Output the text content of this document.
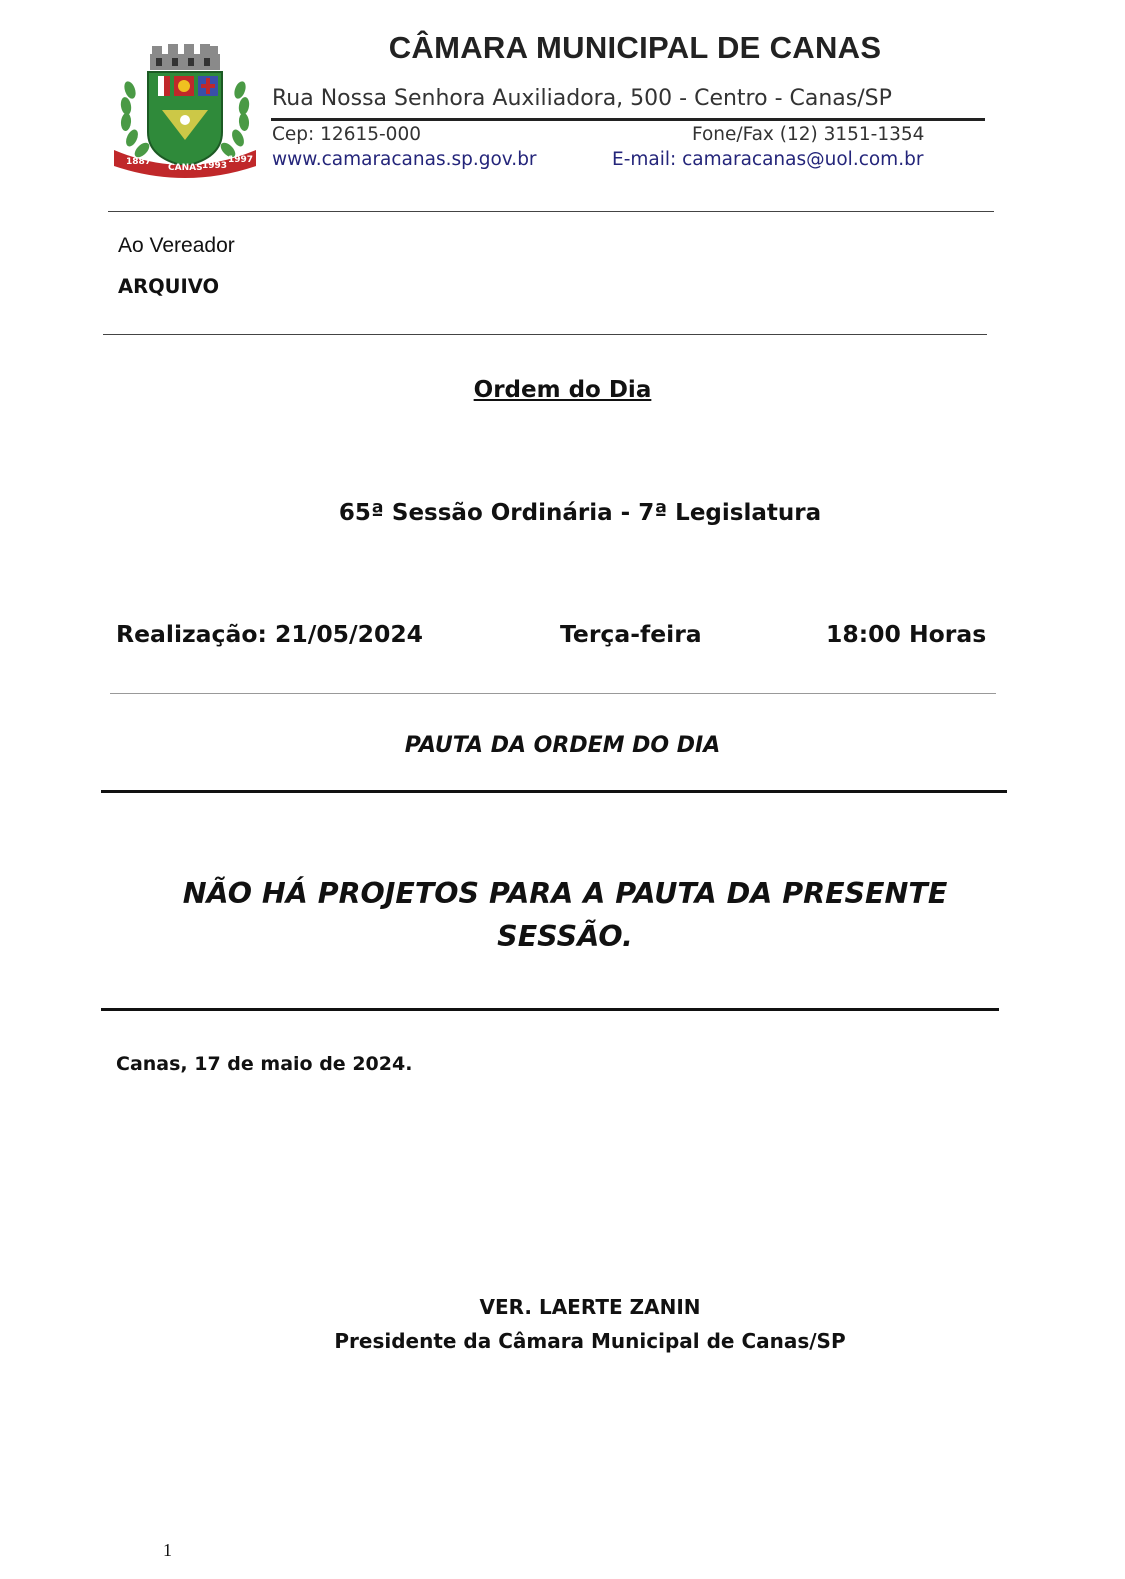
1887
CANAS 1993
1997
CÂMARA MUNICIPAL DE CANAS
Rua Nossa Senhora Auxiliadora, 500 - Centro - Canas/SP
Cep: 12615-000	Fone/Fax (12) 3151-1354
www.camaracanas.sp.gov.br	E-mail: camaracanas@uol.com.br
Ao Vereador
ARQUIVO
Ordem do Dia
65ª Sessão Ordinária - 7ª Legislatura
Realização: 21/05/2024	Terça-feira	18:00 Horas
PAUTA DA ORDEM DO DIA
NÃO HÁ PROJETOS PARA A PAUTA DA PRESENTE SESSÃO.
Canas, 17 de maio de 2024.
VER. LAERTE ZANIN
Presidente da Câmara Municipal de Canas/SP
1
